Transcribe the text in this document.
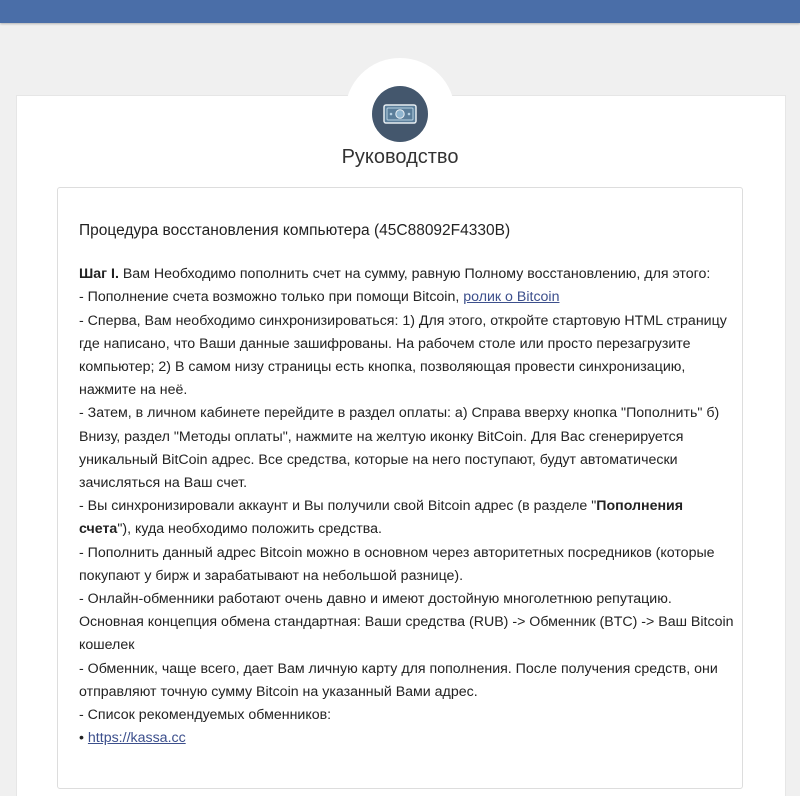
Руководство

Процедура восстановления компьютера (45C88092F4330B)

Шаг I. Вам Необходимо пополнить счет на сумму, равную Полному восстановлению, для этого:

- Пополнение счета возможно только при помощи Bitcoin, ролик о Bitcoin

- Сперва, Вам необходимо синхронизироваться: 1) Для этого, откройте стартовую HTML страницу где написано, что Ваши данные зашифрованы. На рабочем столе или просто перезагрузите компьютер; 2) В самом низу страницы есть кнопка, позволяющая провести синхронизацию, нажмите на неё.

- Затем, в личном кабинете перейдите в раздел оплаты: а) Справа вверху кнопка "Пополнить" б) Внизу, раздел "Методы оплаты", нажмите на желтую иконку BitCoin. Для Вас сгенерируется уникальный BitCoin адрес. Все средства, которые на него поступают, будут автоматически зачисляться на Ваш счет.

- Вы синхронизировали аккаунт и Вы получили свой Bitcoin адрес (в разделе "Пополнения счета"), куда необходимо положить средства.

- Пополнить данный адрес Bitcoin можно в основном через авторитетных посредников (которые покупают у бирж и зарабатывают на небольшой разнице).

- Онлайн-обменники работают очень давно и имеют достойную многолетнюю репутацию. Основная концепция обмена стандартная: Ваши средства (RUB) -> Обменник (BTC) -> Ваш Bitcoin кошелек

- Обменник, чаще всего, дает Вам личную карту для пополнения. После получения средств, они отправляют точную сумму Bitcoin на указанный Вами адрес.

- Список рекомендуемых обменников:

• https://kassa.cc
